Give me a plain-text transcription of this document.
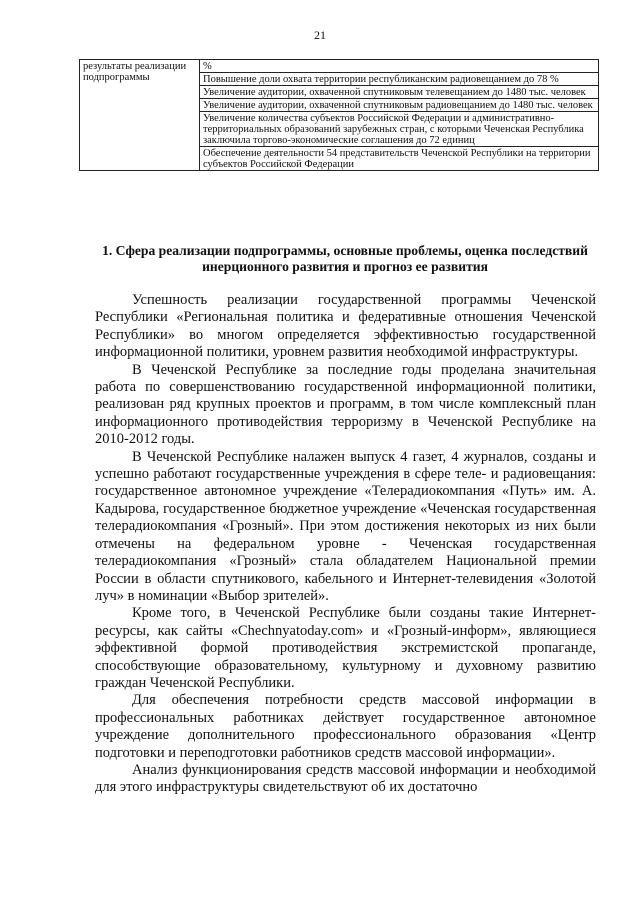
21
результаты реализации подпрограммы	%
Повышение доли охвата территории республиканским радиовещанием до 78 %
Увеличение аудитории, охваченной спутниковым телевещанием до 1480 тыс. человек
Увеличение аудитории, охваченной спутниковым радиовещанием до 1480 тыс. человек
Увеличение количества субъектов Российской Федерации и административно-территориальных образований зарубежных стран, с которыми Чеченская Республика заключила торгово-экономические соглашения до 72 единиц
Обеспечение деятельности 54 представительств Чеченской Республики на территории субъектов Российской Федерации
1. Сфера реализации подпрограммы, основные проблемы, оценка последствий инерционного развития и прогноз ее развития

Успешность реализации государственной программы Чеченской Республики «Региональная политика и федеративные отношения Чеченской Республики» во многом определяется эффективностью государственной информационной политики, уровнем развития необходимой инфраструктуры.

В Чеченской Республике за последние годы проделана значительная работа по совершенствованию государственной информационной политики, реализован ряд крупных проектов и программ, в том числе комплексный план информационного противодействия терроризму в Чеченской Республике на 2010-2012 годы.

В Чеченской Республике налажен выпуск 4 газет, 4 журналов, созданы и успешно работают государственные учреждения в сфере теле- и радиовещания: государственное автономное учреждение «Телерадиокомпания «Путь» им. А. Кадырова, государственное бюджетное учреждение «Чеченская государственная телерадиокомпания «Грозный». При этом достижения некоторых из них были отмечены на федеральном уровне - Чеченская государственная телерадиокомпания «Грозный» стала обладателем Национальной премии России в области спутникового, кабельного и Интернет-телевидения «Золотой луч» в номинации «Выбор зрителей».

Кроме того, в Чеченской Республике были созданы такие Интернет-ресурсы, как сайты «Chechnyatoday.com» и «Грозный-информ», являющиеся эффективной формой противодействия экстремистской пропаганде, способствующие образовательному, культурному и духовному развитию граждан Чеченской Республики.

Для обеспечения потребности средств массовой информации в профессиональных работниках действует государственное автономное учреждение дополнительного профессионального образования «Центр подготовки и переподготовки работников средств массовой информации».

Анализ функционирования средств массовой информации и необходимой для этого инфраструктуры свидетельствуют об их достаточно
